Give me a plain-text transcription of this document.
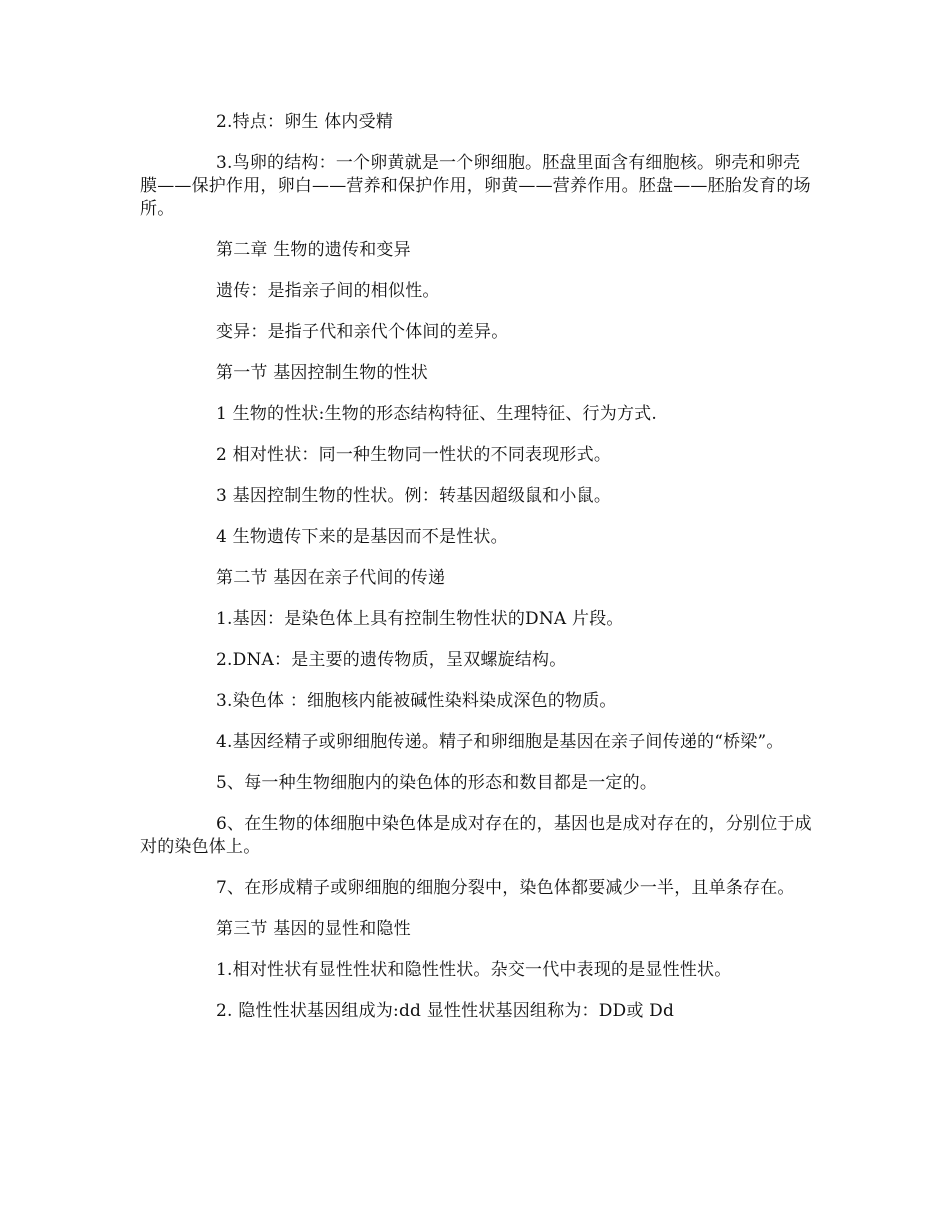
2.特点：卵生 体内受精

3.鸟卵的结构：一个卵黄就是一个卵细胞。胚盘里面含有细胞核。卵壳和卵壳膜——保护作用，卵白——营养和保护作用，卵黄——营养作用。胚盘——胚胎发育的场所。

第二章 生物的遗传和变异

遗传：是指亲子间的相似性。

变异：是指子代和亲代个体间的差异。

第一节 基因控制生物的性状

1 生物的性状:生物的形态结构特征、生理特征、行为方式.

2 相对性状：同一种生物同一性状的不同表现形式。

3 基因控制生物的性状。例：转基因超级鼠和小鼠。

4 生物遗传下来的是基因而不是性状。

第二节 基因在亲子代间的传递

1.基因：是染色体上具有控制生物性状的DNA 片段。

2.DNA：是主要的遗传物质，呈双螺旋结构。

3.染色体 ：细胞核内能被碱性染料染成深色的物质。

4.基因经精子或卵细胞传递。精子和卵细胞是基因在亲子间传递的“桥梁”。

5、每一种生物细胞内的染色体的形态和数目都是一定的。

6、在生物的体细胞中染色体是成对存在的，基因也是成对存在的，分别位于成对的染色体上。

7、在形成精子或卵细胞的细胞分裂中，染色体都要减少一半，且单条存在。

第三节 基因的显性和隐性

1.相对性状有显性性状和隐性性状。杂交一代中表现的是显性性状。

2. 隐性性状基因组成为:dd 显性性状基因组称为：DD或 Dd
